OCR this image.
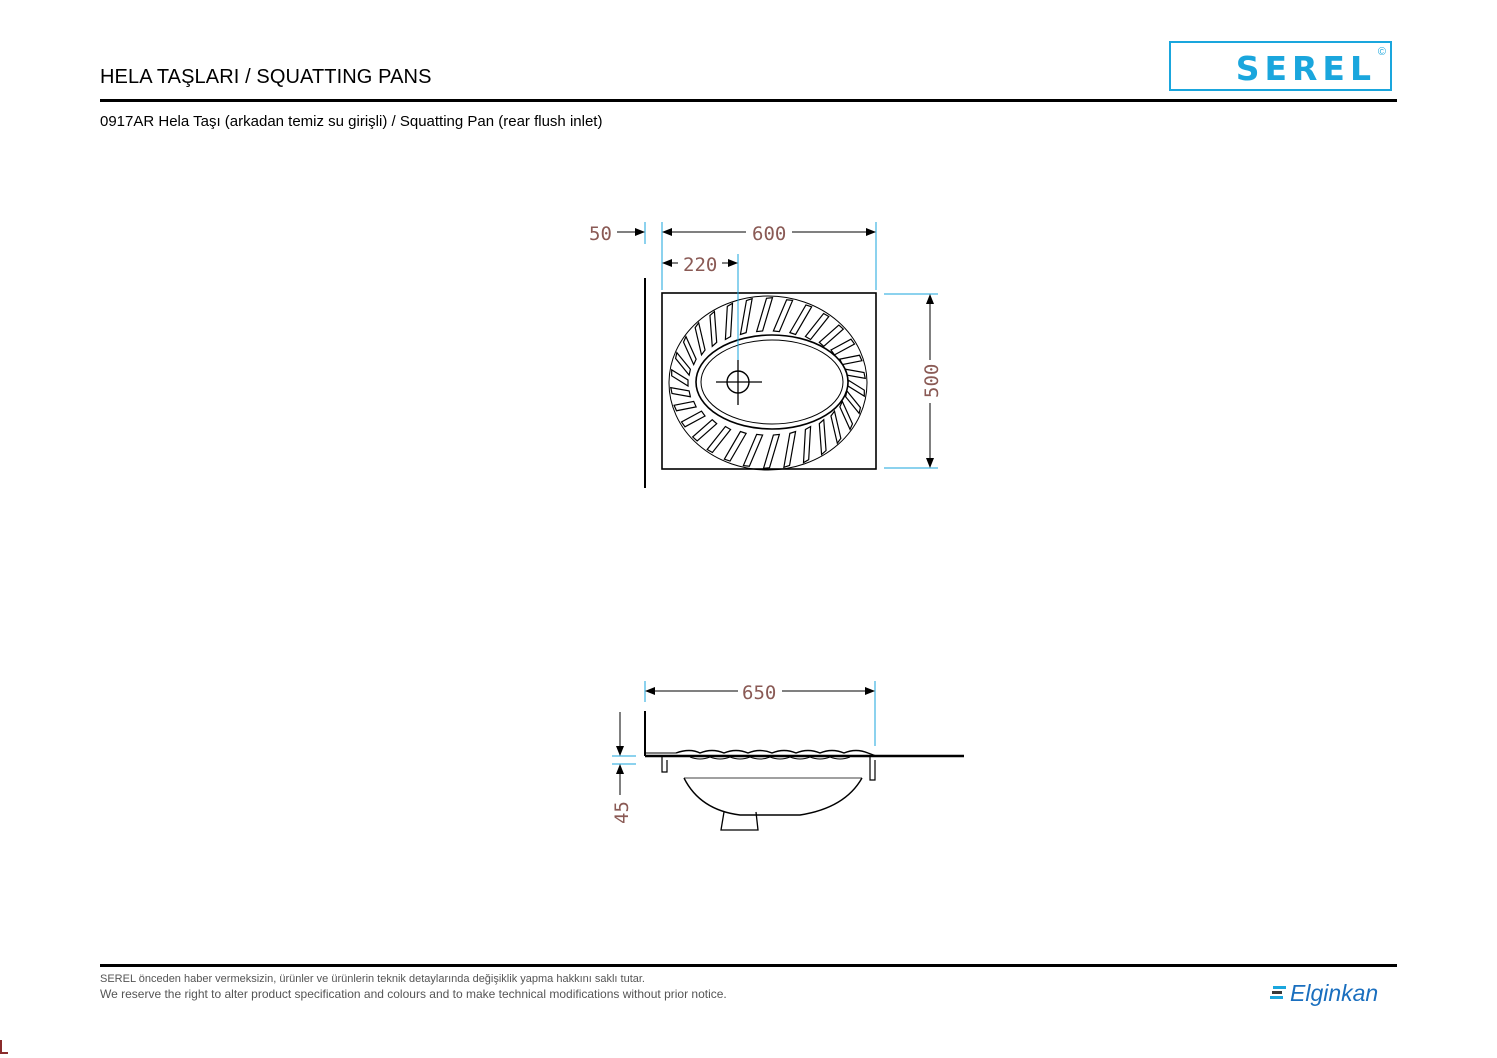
HELA TAŞLARI / SQUATTING PANS	SEREL ©
0917AR Hela Taşı (arkadan temiz su girişli) / Squatting Pan (rear flush inlet)
50	600
220
500
650
45
SEREL önceden haber vermeksizin, ürünler ve ürünlerin teknik detaylarında değişiklik yapma hakkını saklı tutar.
We reserve the right to alter product specification and colours and to make technical modifications without prior notice.	Elginkan
